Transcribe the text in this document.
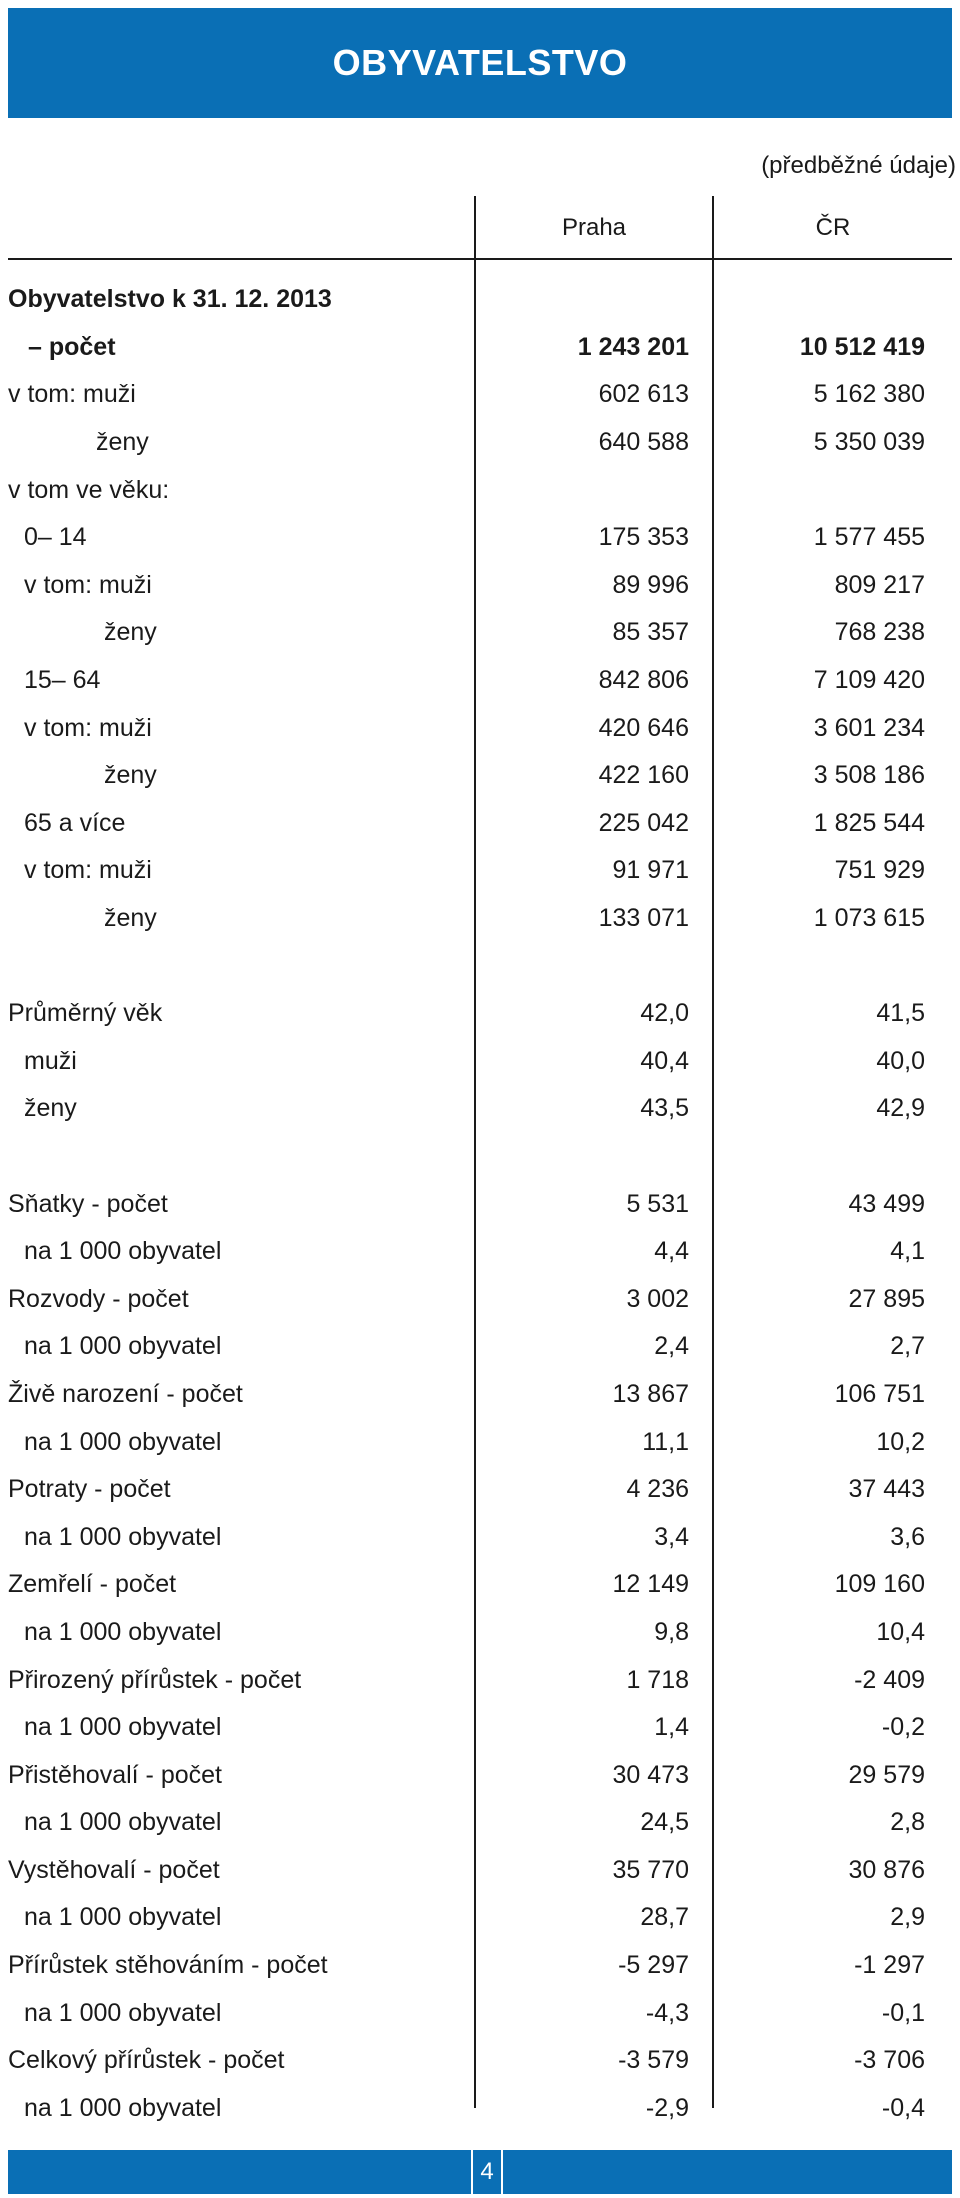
OBYVATELSTVO
(předběžné údaje)
Praha	ČR
Obyvatelstvo k 31. 12. 2013
– počet	1 243 201	10 512 419
v tom: muži	602 613	5 162 380
ženy	640 588	5 350 039
v tom ve věku:
0– 14	175 353	1 577 455
v tom: muži	89 996	809 217
ženy	85 357	768 238
15– 64	842 806	7 109 420
v tom: muži	420 646	3 601 234
ženy	422 160	3 508 186
65 a více	225 042	1 825 544
v tom: muži	91 971	751 929
ženy	133 071	1 073 615
Průměrný věk	42,0	41,5
muži	40,4	40,0
ženy	43,5	42,9
Sňatky - počet	5 531	43 499
na 1 000 obyvatel	4,4	4,1
Rozvody - počet	3 002	27 895
na 1 000 obyvatel	2,4	2,7
Živě narození - počet	13 867	106 751
na 1 000 obyvatel	11,1	10,2
Potraty - počet	4 236	37 443
na 1 000 obyvatel	3,4	3,6
Zemřelí - počet	12 149	109 160
na 1 000 obyvatel	9,8	10,4
Přirozený přírůstek - počet	1 718	-2 409
na 1 000 obyvatel	1,4	-0,2
Přistěhovalí - počet	30 473	29 579
na 1 000 obyvatel	24,5	2,8
Vystěhovalí - počet	35 770	30 876
na 1 000 obyvatel	28,7	2,9
Přírůstek stěhováním - počet	-5 297	-1 297
na 1 000 obyvatel	-4,3	-0,1
Celkový přírůstek - počet	-3 579	-3 706
na 1 000 obyvatel	-2,9	-0,4
4
